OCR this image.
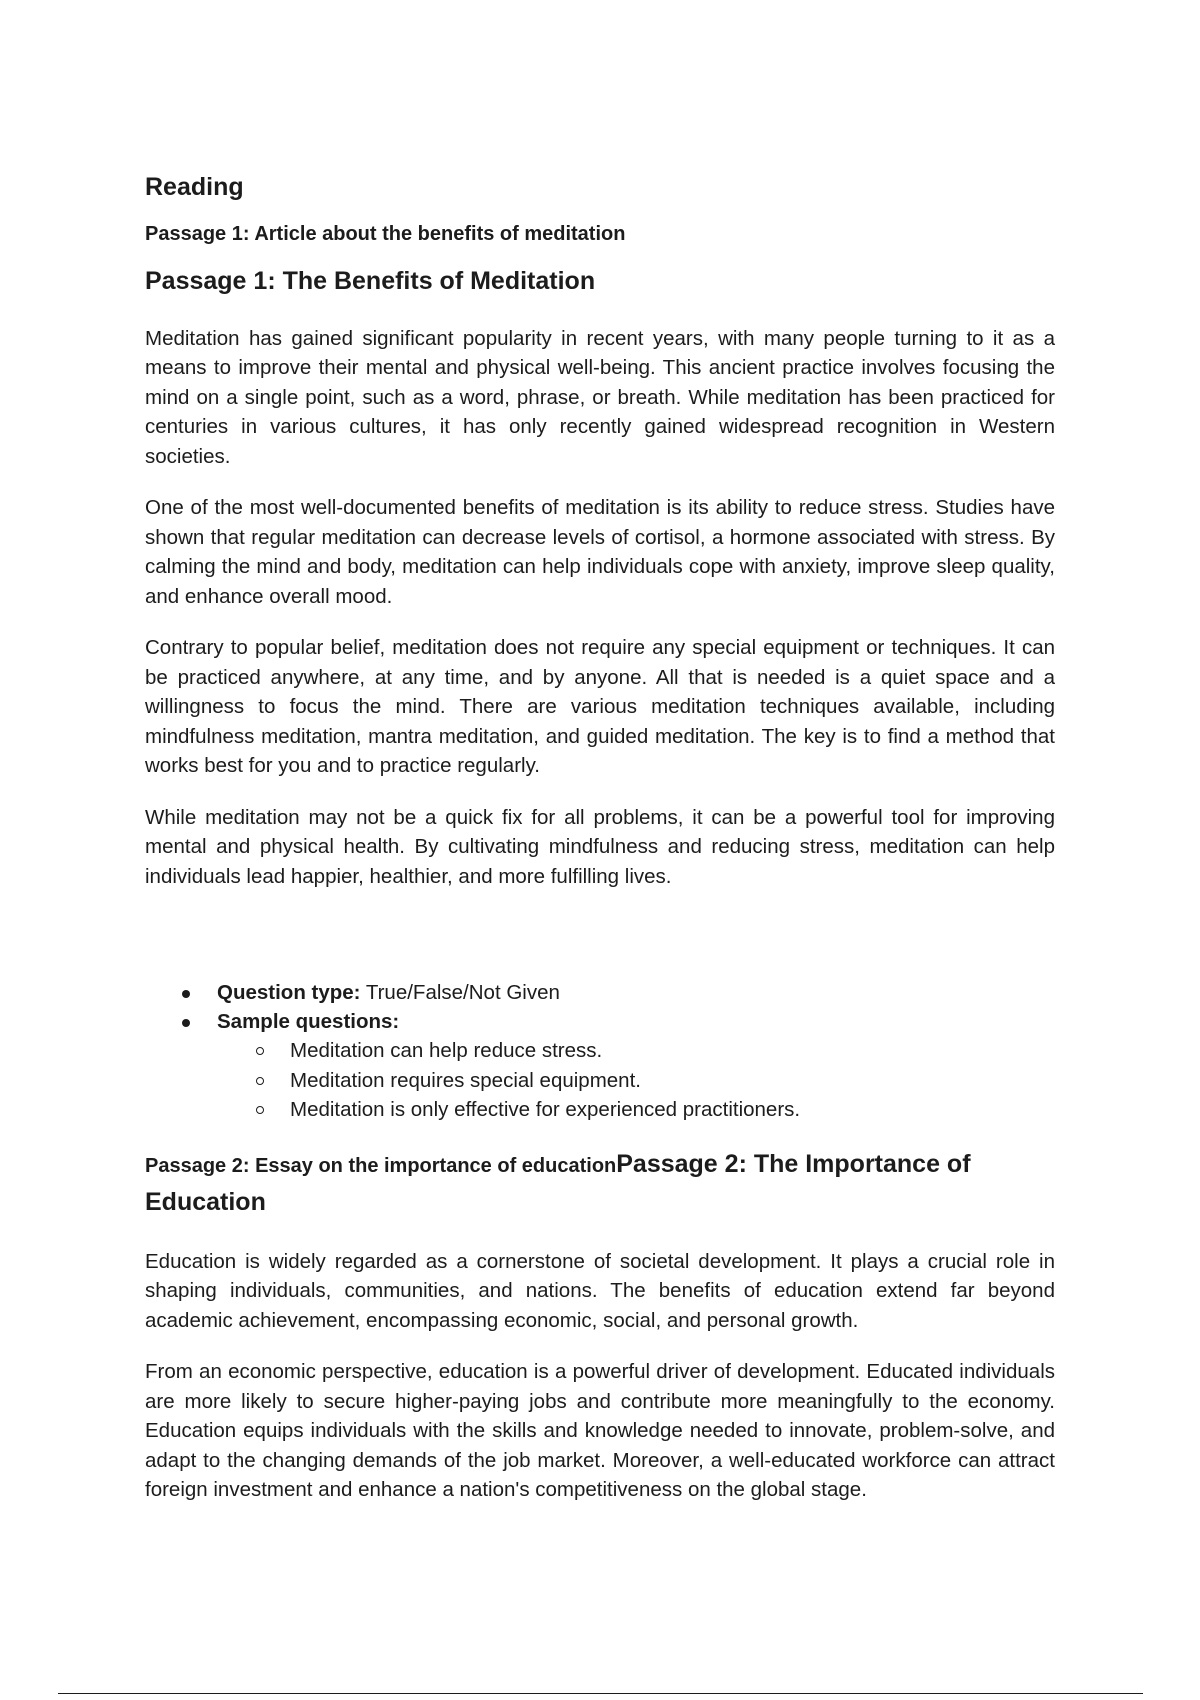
Reading
Passage 1: Article about the benefits of meditation
Passage 1: The Benefits of Meditation

Meditation has gained significant popularity in recent years, with many people turning to it as a means to improve their mental and physical well-being. This ancient practice involves focusing the mind on a single point, such as a word, phrase, or breath. While meditation has been practiced for centuries in various cultures, it has only recently gained widespread recognition in Western societies.

One of the most well-documented benefits of meditation is its ability to reduce stress. Studies have shown that regular meditation can decrease levels of cortisol, a hormone associated with stress. By calming the mind and body, meditation can help individuals cope with anxiety, improve sleep quality, and enhance overall mood.

Contrary to popular belief, meditation does not require any special equipment or techniques. It can be practiced anywhere, at any time, and by anyone. All that is needed is a quiet space and a willingness to focus the mind. There are various meditation techniques available, including mindfulness meditation, mantra meditation, and guided meditation. The key is to find a method that works best for you and to practice regularly.

While meditation may not be a quick fix for all problems, it can be a powerful tool for improving mental and physical health. By cultivating mindfulness and reducing stress, meditation can help individuals lead happier, healthier, and more fulfilling lives.

Question type: True/False/Not Given
Sample questions:
Meditation can help reduce stress.
Meditation requires special equipment.
Meditation is only effective for experienced practitioners.
Passage 2: Essay on the importance of educationPassage 2: The Importance of Education

Education is widely regarded as a cornerstone of societal development. It plays a crucial role in shaping individuals, communities, and nations. The benefits of education extend far beyond academic achievement, encompassing economic, social, and personal growth.

From an economic perspective, education is a powerful driver of development. Educated individuals are more likely to secure higher-paying jobs and contribute more meaningfully to the economy. Education equips individuals with the skills and knowledge needed to innovate, problem-solve, and adapt to the changing demands of the job market. Moreover, a well-educated workforce can attract foreign investment and enhance a nation's competitiveness on the global stage.
